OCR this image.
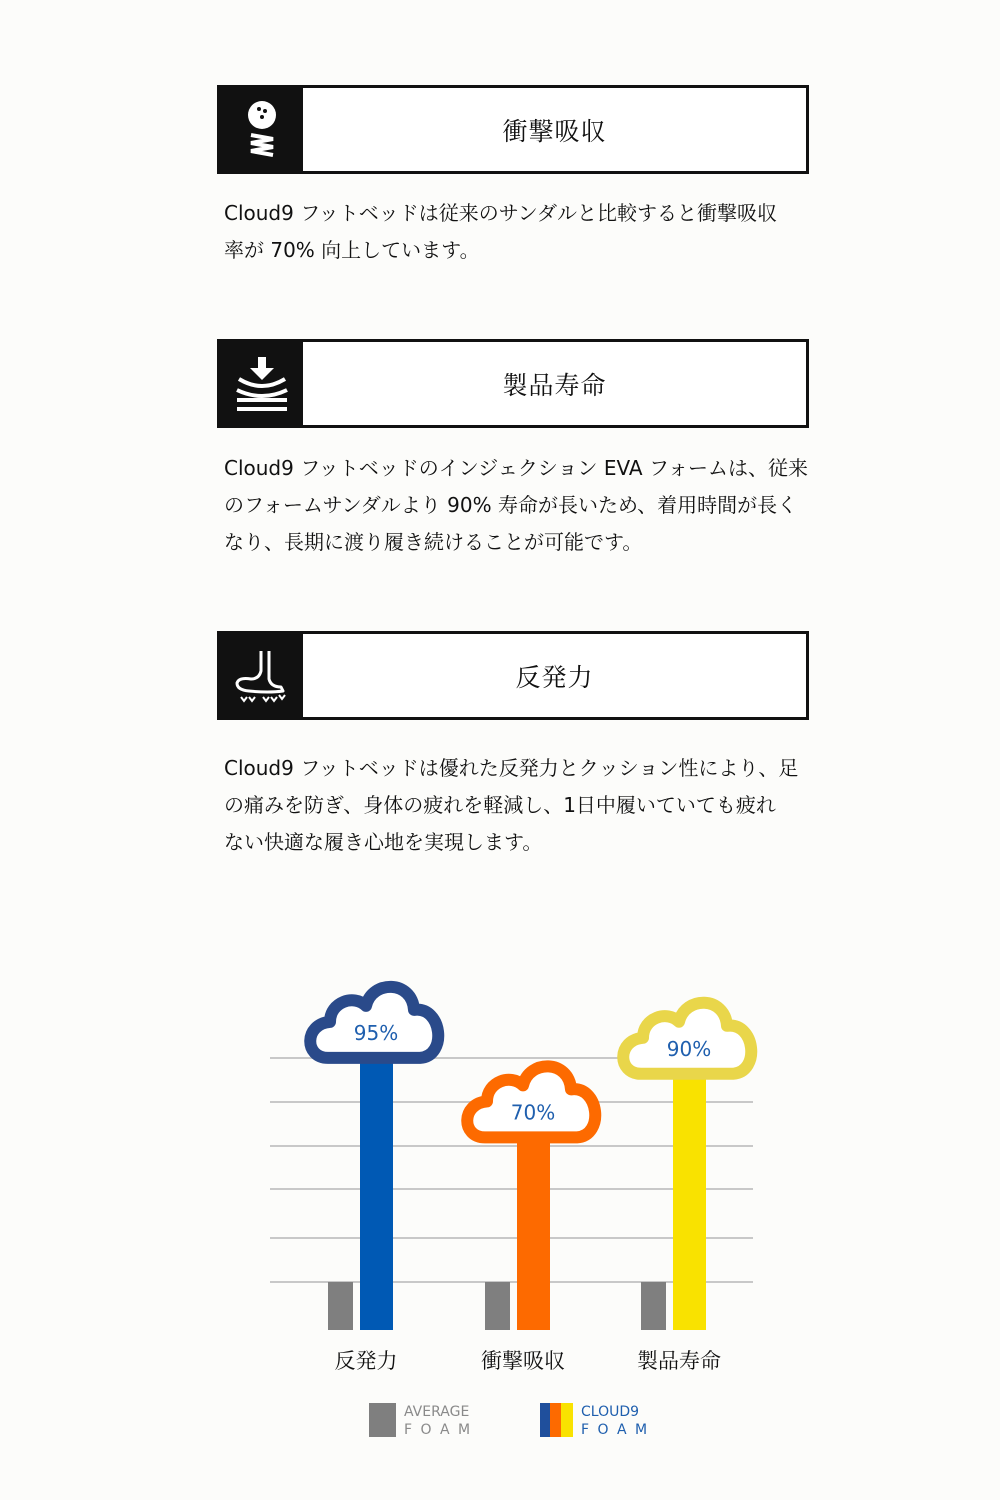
衝撃吸収

Cloud9 フットベッドは従来のサンダルと比較すると衝撃吸収
率が 70% 向上しています。

製品寿命

Cloud9 フットベッドのインジェクション EVA フォームは、従来
のフォームサンダルより 90% 寿命が長いため、着用時間が長く
なり、長期に渡り履き続けることが可能です。

反発力

Cloud9 フットベッドは優れた反発力とクッション性により、足
の痛みを防ぎ、身体の疲れを軽減し、1日中履いていても疲れ
ない快適な履き心地を実現します。

95%
反発力
70%
衝撃吸収
90%
製品寿命
AVERAGE
F O A M
CLOUD9
F O A M
